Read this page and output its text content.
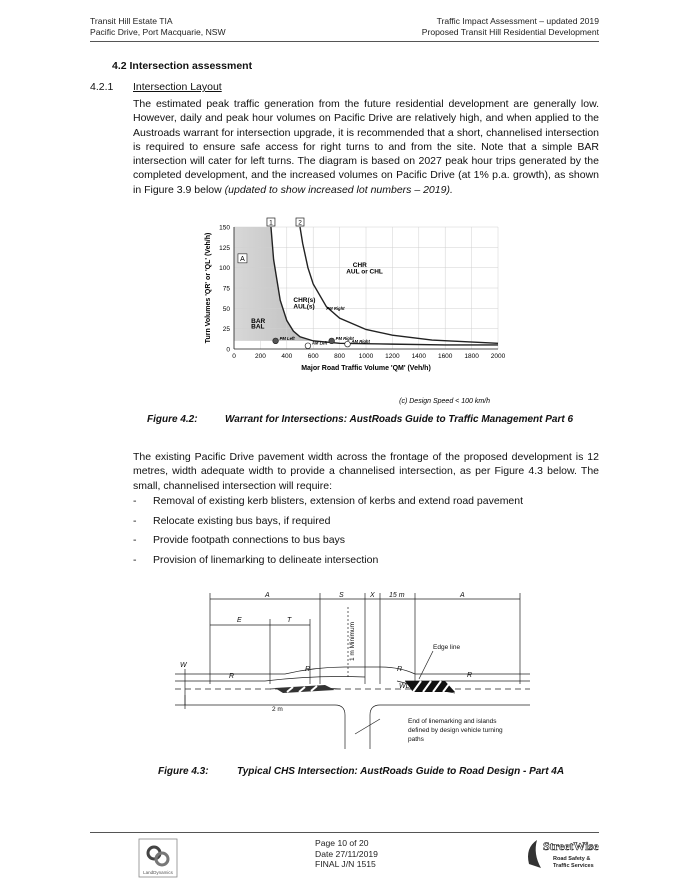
Transit Hill Estate TIA
Pacific Drive, Port Macquarie, NSW
Traffic Impact Assessment – updated 2019
Proposed Transit Hill Residential Development
4.2 Intersection assessment
4.2.1 Intersection Layout
The estimated peak traffic generation from the future residential development are generally low. However, daily and peak hour volumes on Pacific Drive are relatively high, and when applied to the Austroads warrant for intersection upgrade, it is recommended that a short, channelised intersection is required to ensure safe access for right turns to and from the site. Note that a simple BAR intersection will cater for left turns. The diagram is based on 2027 peak hour trips generated by the completed development, and the increased volumes on Pacific Drive (at 1% p.a. growth), as shown in Figure 3.9 below (updated to show increased lot numbers – 2019).
0	200 400 600 800 1000 1200 1400 1600 1800 2000
0
25
50
75
100
125
150
1	2
PM Left
AM Left
PM Right
AM Right
A
BAR
BAL
CHR(s)
AUL(s)
CHR
AUL or CHL
PM Right
Major Road Traffic Volume 'QM' (Veh/h)
Turn Volumes 'QR' or 'QL' (Veh/h)
(c) Design Speed < 100 km/h
Figure 4.2:	Warrant for Intersections: AustRoads Guide to Traffic Management Part 6
The existing Pacific Drive pavement width across the frontage of the proposed development is 12 metres, width adequate width to provide a channelised intersection, as per Figure 4.3 below. The small, channelised intersection will require:
- Removal of existing kerb blisters, extension of kerbs and extend road pavement
- Relocate existing bus bays, if required
- Provide footpath connections to bus bays
- Provision of linemarking to delineate intersection
A	S	X 15 m	A
E	T
W
R
R	R
R
WL
2 m
1 m Minimum	Edge line
End of linemarking and islands
defined by design vehicle turning
paths
Figure 4.3:	Typical CHS Intersection: AustRoads Guide to Road Design - Part 4A
LandDynamics
Page 10 of 20
Date 27/11/2019
FINAL J/N 1515
StreetWise
Road Safety &
Traffic Services
